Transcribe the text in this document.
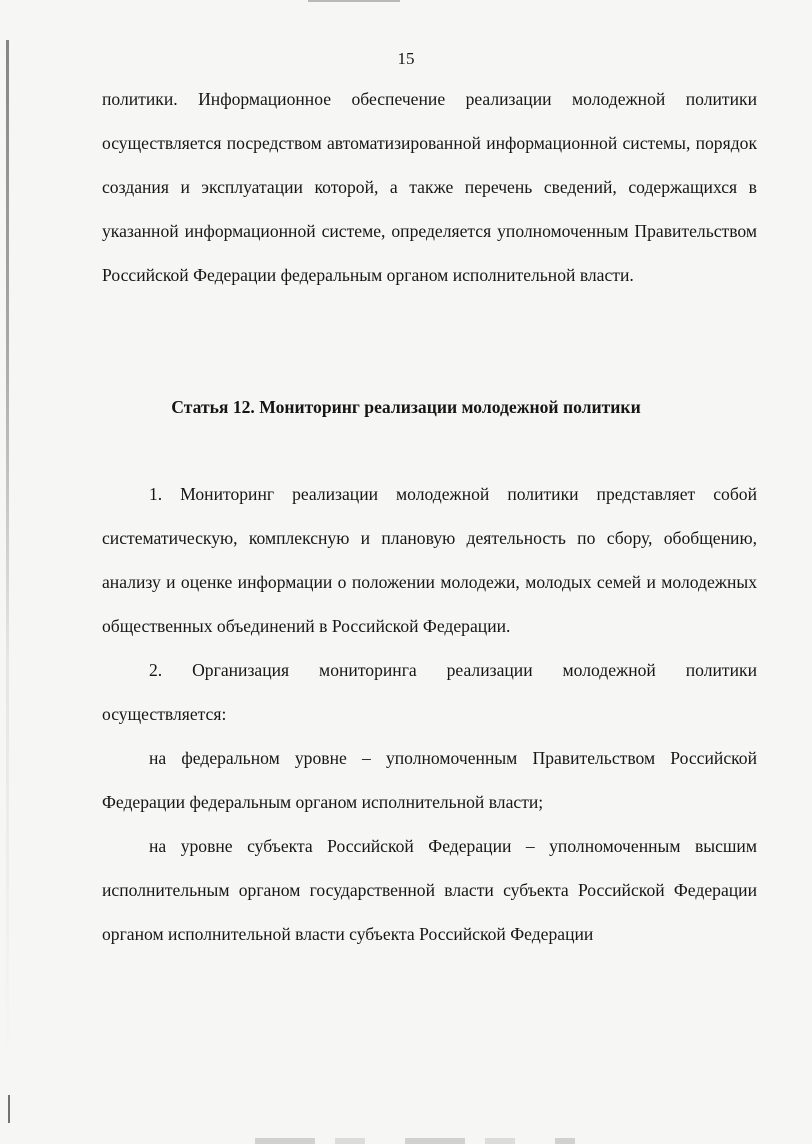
15

политики. Информационное обеспечение реализации молодежной политики осуществляется посредством автоматизированной информационной системы, порядок создания и эксплуатации которой, а также перечень сведений, содержащихся в указанной информационной системе, определяется уполномоченным Правительством Российской Федерации федеральным органом исполнительной власти.

Статья 12. Мониторинг реализации молодежной политики

1. Мониторинг реализации молодежной политики представляет собой систематическую, комплексную и плановую деятельность по сбору, обобщению, анализу и оценке информации о положении молодежи, молодых семей и молодежных общественных объединений в Российской Федерации.

2. Организация мониторинга реализации молодежной политики осуществляется:

на федеральном уровне – уполномоченным Правительством Российской Федерации федеральным органом исполнительной власти;

на уровне субъекта Российской Федерации – уполномоченным высшим исполнительным органом государственной власти субъекта Российской Федерации органом исполнительной власти субъекта Российской Федерации
